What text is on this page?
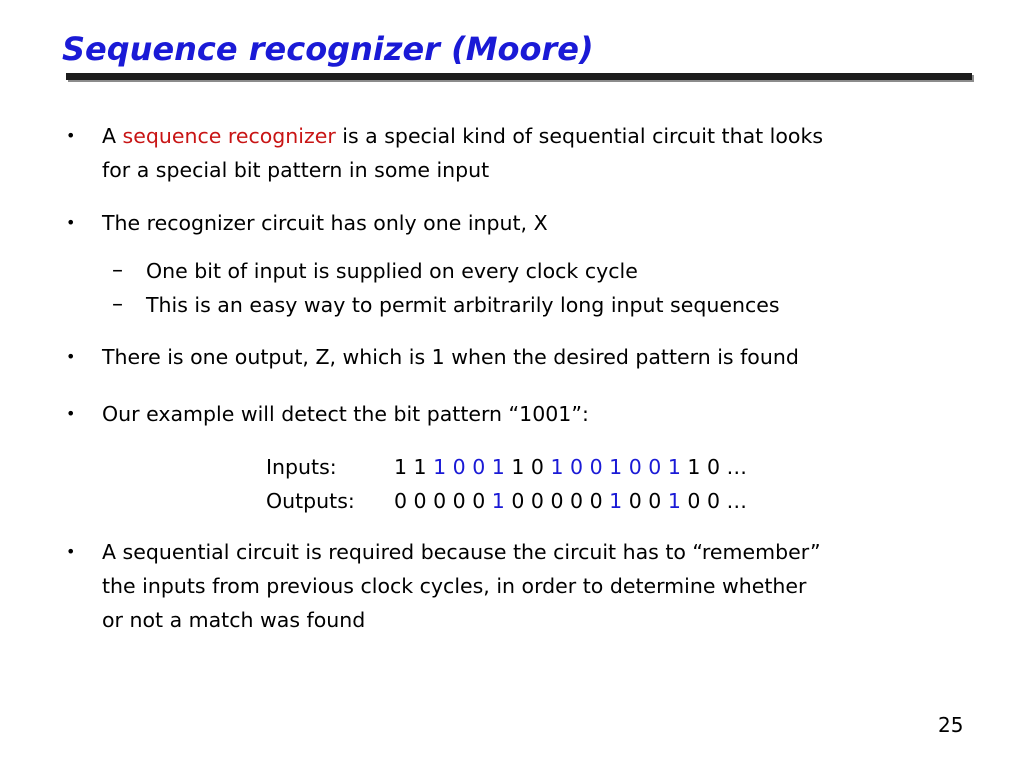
Sequence recognizer (Moore)
• A sequence recognizer is a special kind of sequential circuit that looks
for a special bit pattern in some input
• The recognizer circuit has only one input, X
– One bit of input is supplied on every clock cycle
– This is an easy way to permit arbitrarily long input sequences
• There is one output, Z, which is 1 when the desired pattern is found
• Our example will detect the bit pattern “1001”:
Inputs:	1 1 1 0 0 1 1 0 1 0 0 1 0 0 1 1 0 …
Outputs: 0 0 0 0 0 1 0 0 0 0 0 1 0 0 1 0 0 …
• A sequential circuit is required because the circuit has to “remember”
the inputs from previous clock cycles, in order to determine whether
or not a match was found
25
